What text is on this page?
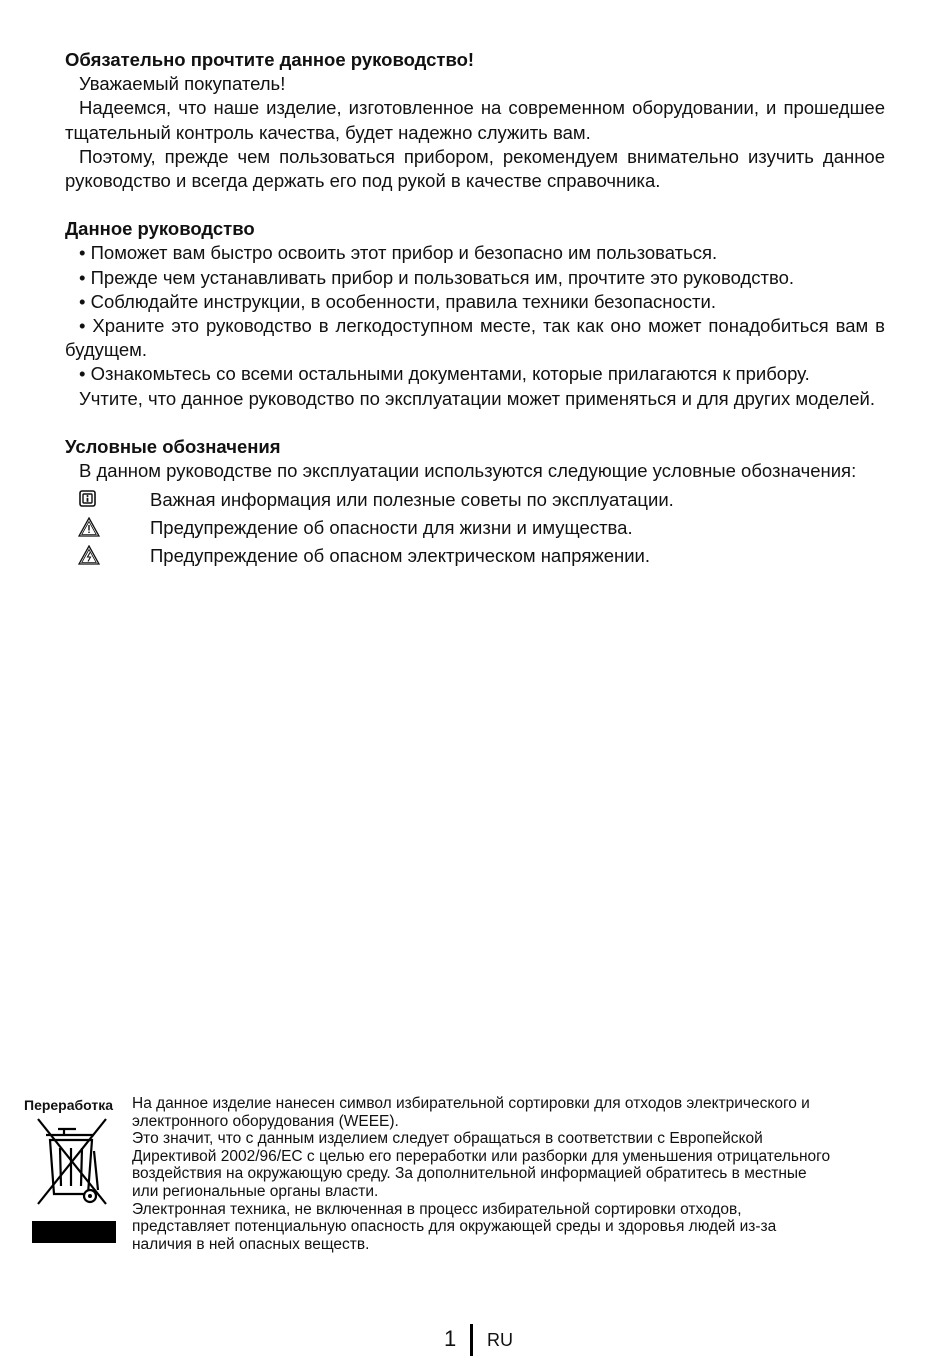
Обязательно прочтите данное руководство!

Уважаемый покупатель!

Надеемся, что наше изделие, изготовленное на современном оборудовании, и прошедшее тщательный контроль качества, будет надежно служить вам.

Поэтому, прежде чем пользоваться прибором, рекомендуем внимательно изучить данное руководство и всегда держать его под рукой в качестве справочника.

Данное руководство

• Поможет вам быстро освоить этот прибор и безопасно им пользоваться.

• Прежде чем устанавливать прибор и пользоваться им, прочтите это руководство.

• Соблюдайте инструкции, в особенности, правила техники безопасности.

• Храните это руководство в легкодоступном месте, так как оно может понадобиться вам в будущем.

• Ознакомьтесь со всеми остальными документами, которые прилагаются к прибору.

Учтите, что данное руководство по эксплуатации может применяться и для других моделей.

Условные обозначения

В данном руководстве по эксплуатации используются следующие условные обозначения:

Важная информация или полезные советы по эксплуатации.
Предупреждение об опасности для жизни и имущества.
Предупреждение об опасном электрическом напряжении.
Переработка На данное изделие нанесен символ избирательной сортировки для отходов электрического и

электронного оборудования (WEEE).

Это значит, что с данным изделием следует обращаться в соответствии с Европейской

Директивой 2002/96/EC с целью его переработки или разборки для уменьшения отрицательного

воздействия на окружающую среду. За дополнительной информацией обратитесь в местные

или региональные органы власти.

Электронная техника, не включенная в процесс избирательной сортировки отходов,

представляет потенциальную опасность для окружающей среды и здоровья людей из-за

наличия в ней опасных веществ.

1 RU
